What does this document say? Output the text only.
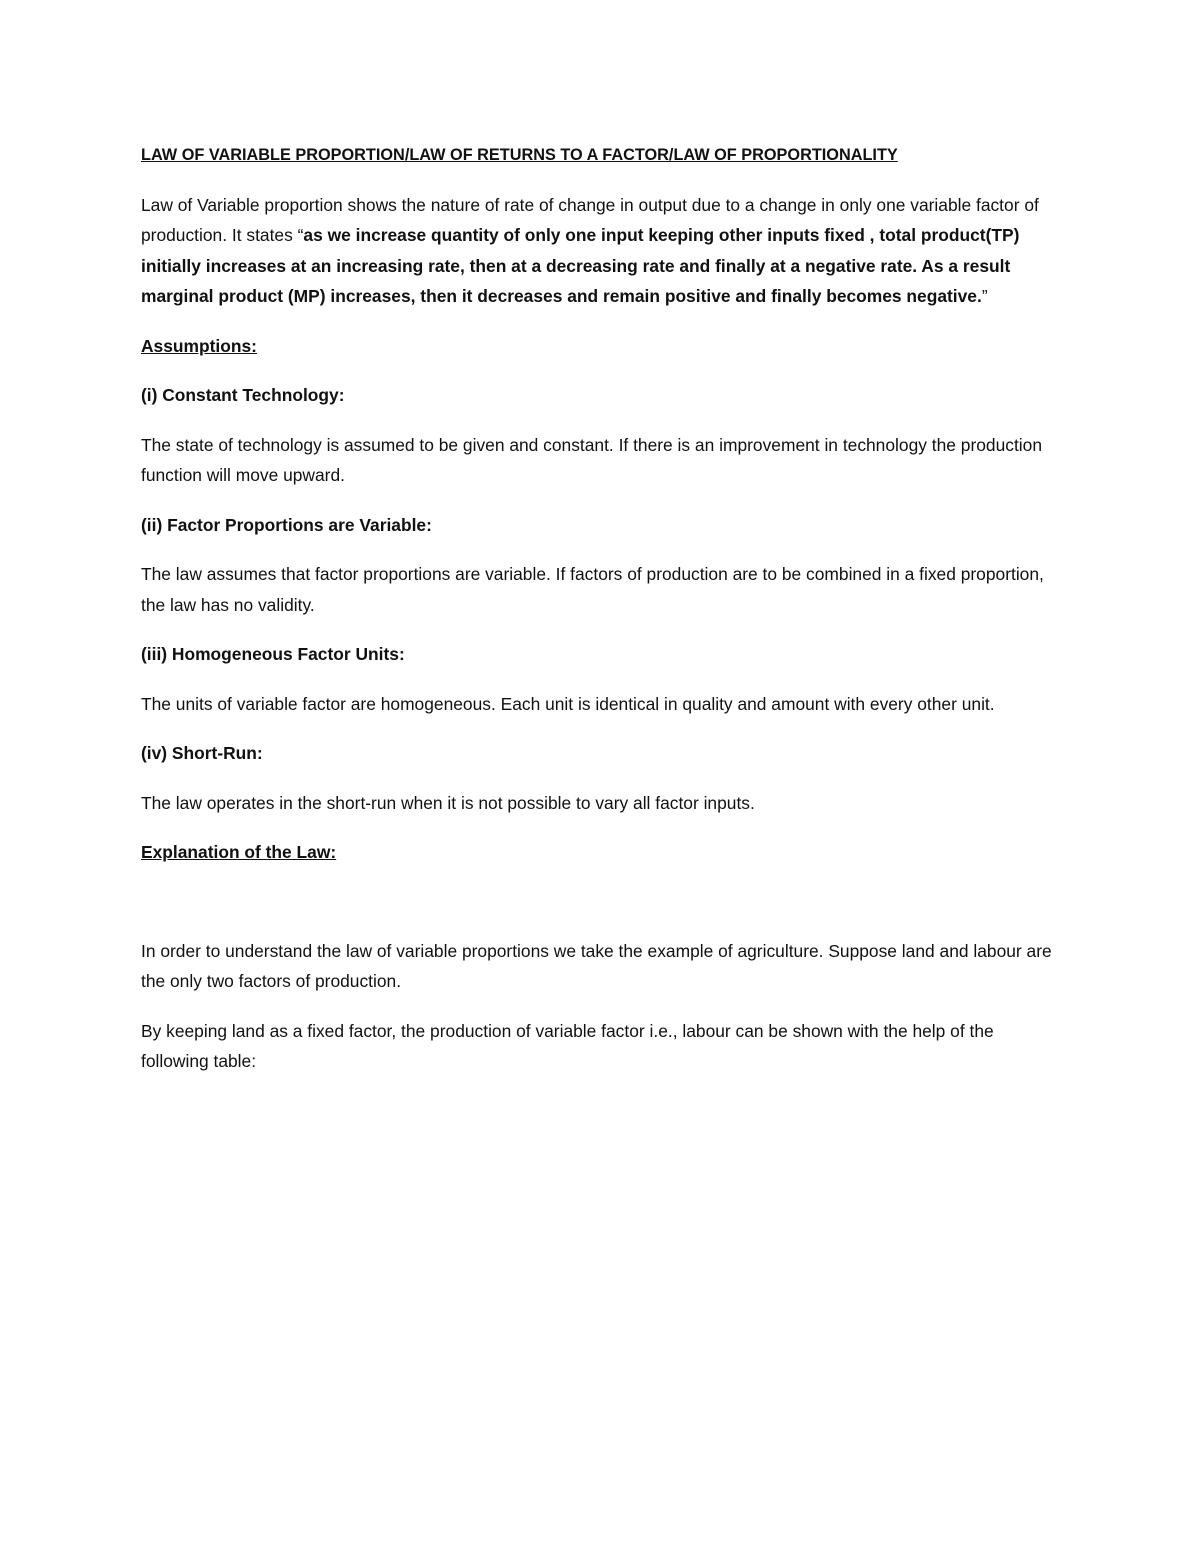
LAW OF VARIABLE PROPORTION/LAW OF RETURNS TO A FACTOR/LAW OF PROPORTIONALITY

Law of Variable proportion shows the nature of rate of change in output due to a change in only one variable factor of production. It states “as we increase quantity of only one input keeping other inputs fixed , total product(TP) initially increases at an increasing rate, then at a decreasing rate and finally at a negative rate. As a result marginal product (MP) increases, then it decreases and remain positive and finally becomes negative.”

Assumptions:

(i) Constant Technology:

The state of technology is assumed to be given and constant. If there is an improvement in technology the production function will move upward.

(ii) Factor Proportions are Variable:

The law assumes that factor proportions are variable. If factors of production are to be combined in a fixed proportion, the law has no validity.

(iii) Homogeneous Factor Units:

The units of variable factor are homogeneous. Each unit is identical in quality and amount with every other unit.

(iv) Short-Run:

The law operates in the short-run when it is not possible to vary all factor inputs.

Explanation of the Law:

In order to understand the law of variable proportions we take the example of agriculture. Suppose land and labour are the only two factors of production.

By keeping land as a fixed factor, the production of variable factor i.e., labour can be shown with the help of the following table:
